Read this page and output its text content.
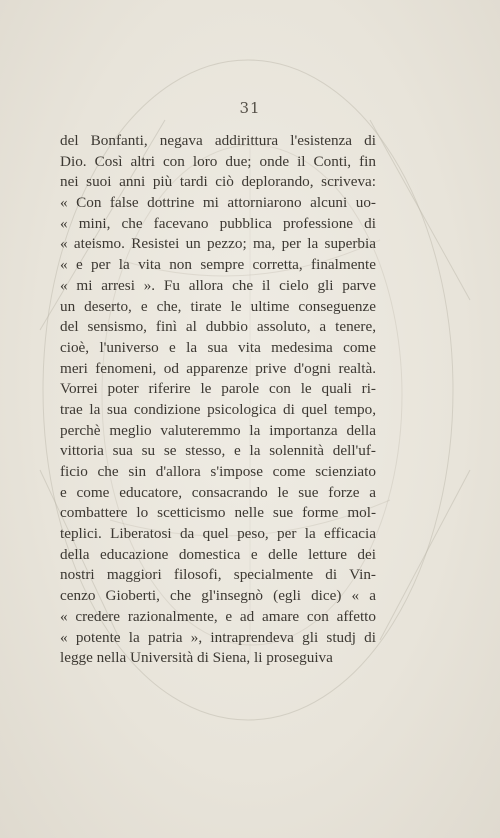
31
del Bonfanti, negava addirittura l'esistenza di
Dio. Così altri con loro due; onde il Conti, fin
nei suoi anni più tardi ciò deplorando, scriveva:
« Con false dottrine mi attorniarono alcuni uo-
« mini, che facevano pubblica professione di
« ateismo. Resistei un pezzo; ma, per la superbia
« e per la vita non sempre corretta, finalmente
« mi arresi ». Fu allora che il cielo gli parve
un deserto, e che, tirate le ultime conseguenze
del sensismo, finì al dubbio assoluto, a tenere,
cioè, l'universo e la sua vita medesima come
meri fenomeni, od apparenze prive d'ogni realtà.
Vorrei poter riferire le parole con le quali ri-
trae la sua condizione psicologica di quel tempo,
perchè meglio valuteremmo la importanza della
vittoria sua su se stesso, e la solennità dell'uf-
ficio che sin d'allora s'impose come scienziato
e come educatore, consacrando le sue forze a
combattere lo scetticismo nelle sue forme mol-
teplici. Liberatosi da quel peso, per la efficacia
della educazione domestica e delle letture dei
nostri maggiori filosofi, specialmente di Vin-
cenzo Gioberti, che gl'insegnò (egli dice) « a
« credere razionalmente, e ad amare con affetto
« potente la patria », intraprendeva gli studj di
legge nella Università di Siena, li proseguiva
